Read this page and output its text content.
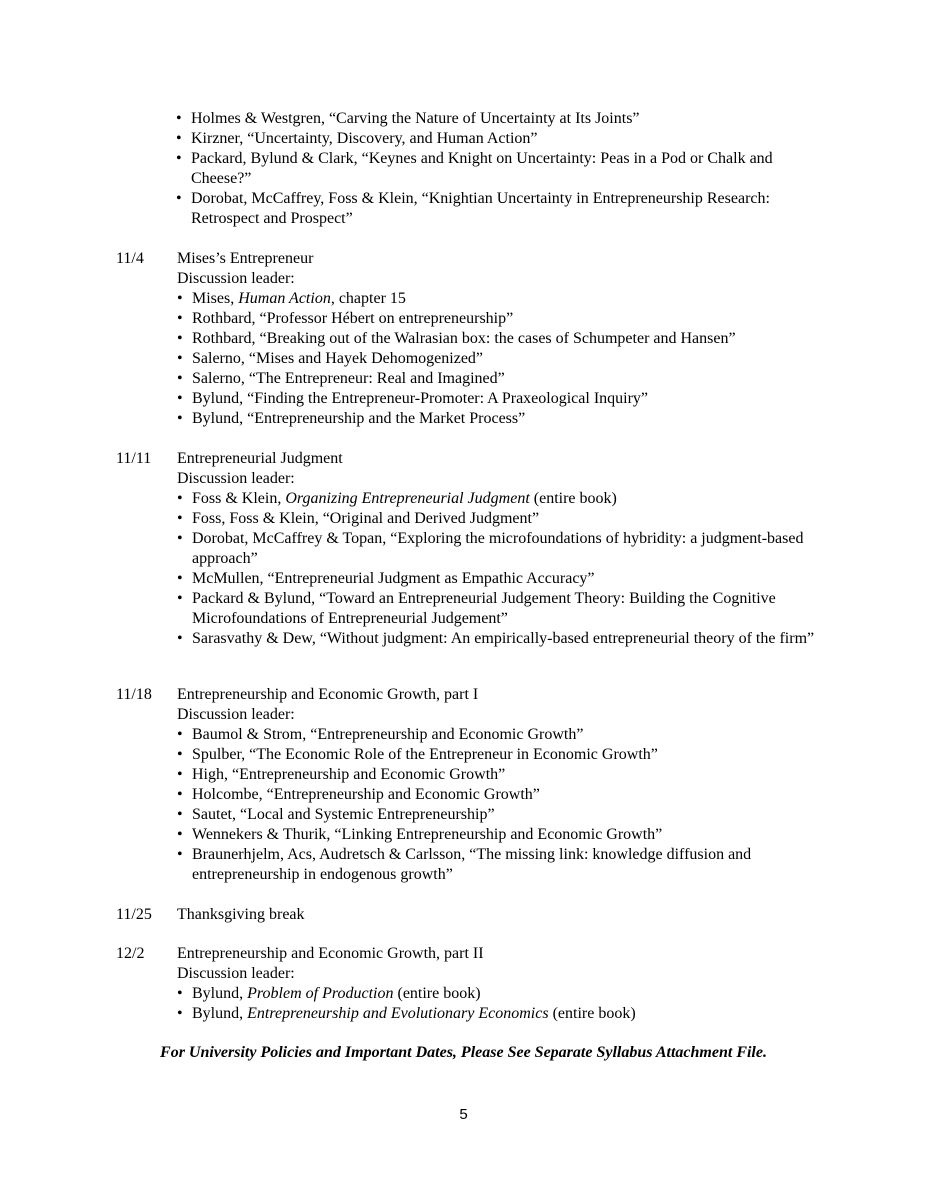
• Holmes & Westgren, “Carving the Nature of Uncertainty at Its Joints”
• Kirzner, “Uncertainty, Discovery, and Human Action”
• Packard, Bylund & Clark, “Keynes and Knight on Uncertainty: Peas in a Pod or Chalk and Cheese?”
• Dorobat, McCaffrey, Foss & Klein, “Knightian Uncertainty in Entrepreneurship Research: Retrospect and Prospect”
11/4 Mises’s Entrepreneur
Discussion leader:
• Mises, Human Action, chapter 15
• Rothbard, “Professor Hébert on entrepreneurship”
• Rothbard, “Breaking out of the Walrasian box: the cases of Schumpeter and Hansen”
• Salerno, “Mises and Hayek Dehomogenized”
• Salerno, “The Entrepreneur: Real and Imagined”
• Bylund, “Finding the Entrepreneur-Promoter: A Praxeological Inquiry”
• Bylund, “Entrepreneurship and the Market Process”
11/11 Entrepreneurial Judgment
Discussion leader:
• Foss & Klein, Organizing Entrepreneurial Judgment (entire book)
• Foss, Foss & Klein, “Original and Derived Judgment”
• Dorobat, McCaffrey & Topan, “Exploring the microfoundations of hybridity: a judgment-based approach”
• McMullen, “Entrepreneurial Judgment as Empathic Accuracy”
• Packard & Bylund, “Toward an Entrepreneurial Judgement Theory: Building the Cognitive Microfoundations of Entrepreneurial Judgement”
• Sarasvathy & Dew, “Without judgment: An empirically-based entrepreneurial theory of the firm”
11/18 Entrepreneurship and Economic Growth, part I
Discussion leader:
• Baumol & Strom, “Entrepreneurship and Economic Growth”
• Spulber, “The Economic Role of the Entrepreneur in Economic Growth”
• High, “Entrepreneurship and Economic Growth”
• Holcombe, “Entrepreneurship and Economic Growth”
• Sautet, “Local and Systemic Entrepreneurship”
• Wennekers & Thurik, “Linking Entrepreneurship and Economic Growth”
• Braunerhjelm, Acs, Audretsch & Carlsson, “The missing link: knowledge diffusion and entrepreneurship in endogenous growth”
11/25 Thanksgiving break
12/2 Entrepreneurship and Economic Growth, part II
Discussion leader:
• Bylund, Problem of Production (entire book)
• Bylund, Entrepreneurship and Evolutionary Economics (entire book)
For University Policies and Important Dates, Please See Separate Syllabus Attachment File.
5
